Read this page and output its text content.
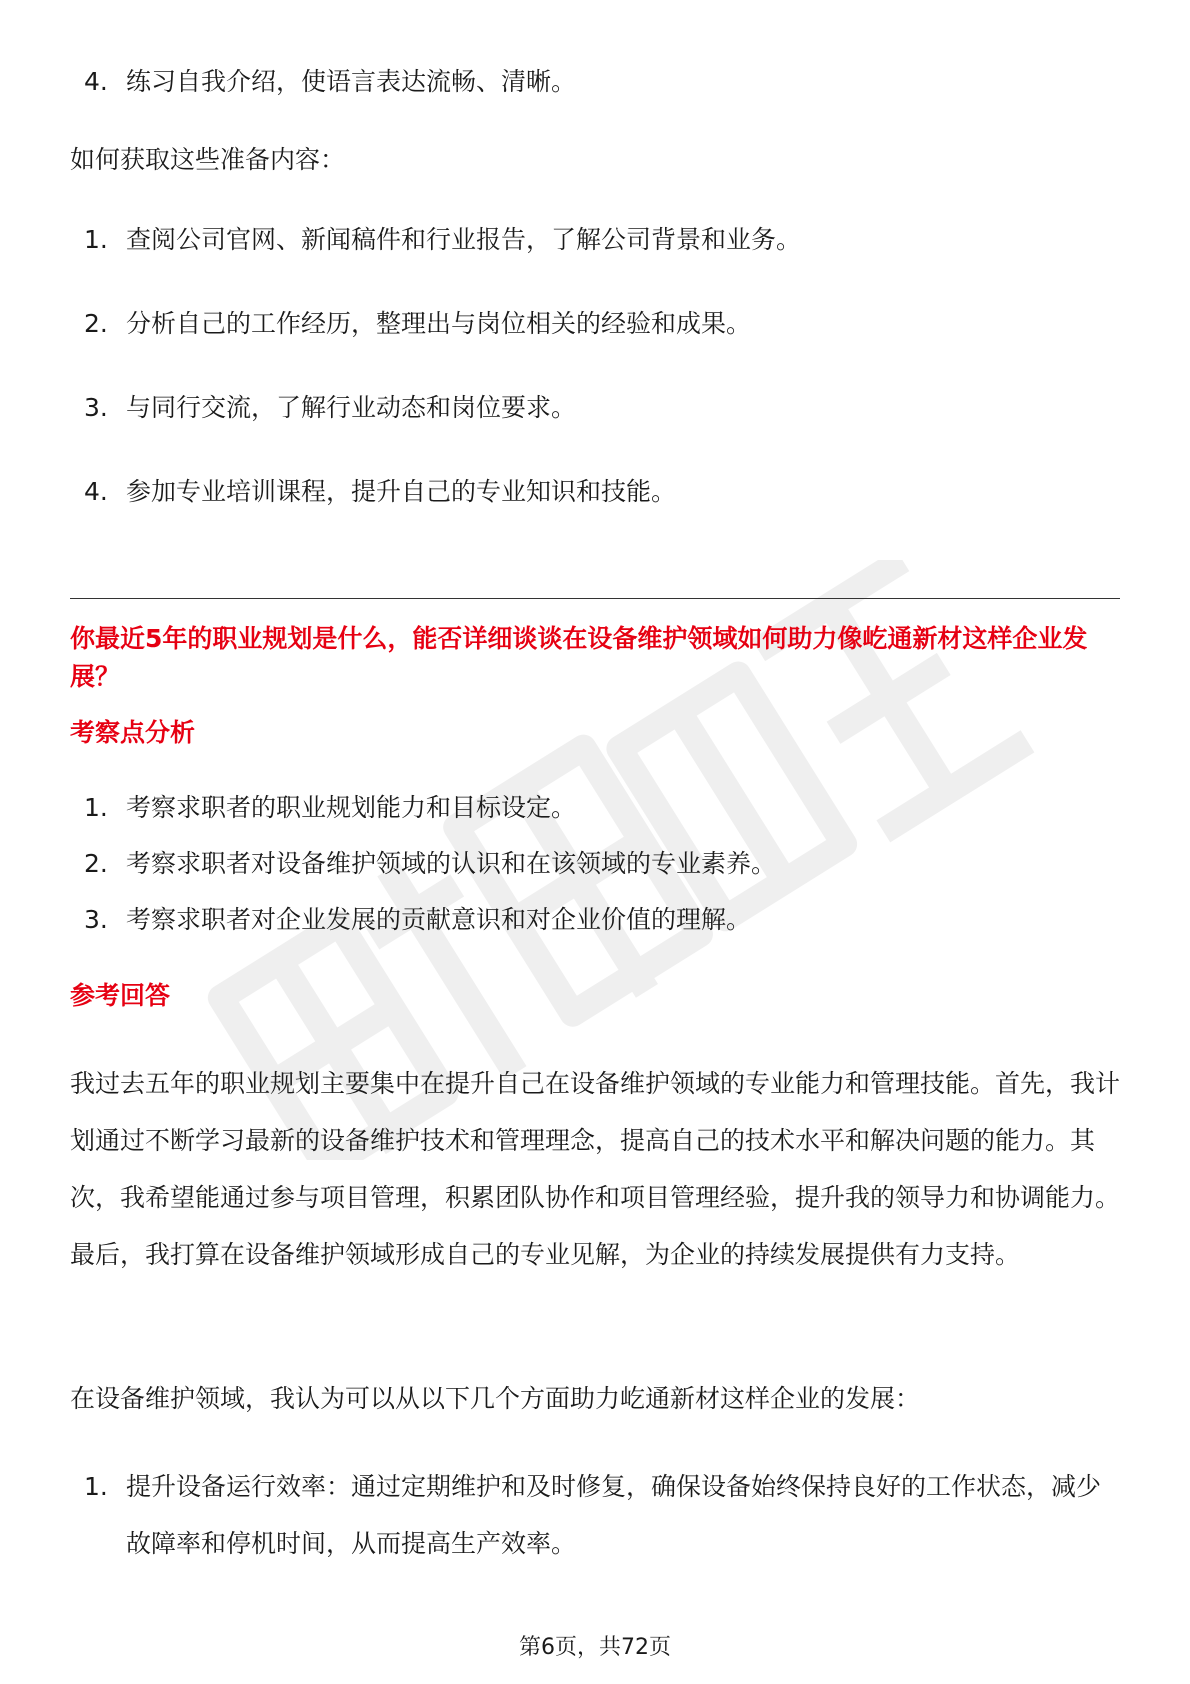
4. 练习自我介绍，使语言表达流畅、清晰。

如何获取这些准备内容：

1. 查阅公司官网、新闻稿件和行业报告，了解公司背景和业务。
2. 分析自己的工作经历，整理出与岗位相关的经验和成果。
3. 与同行交流，了解行业动态和岗位要求。
4. 参加专业培训课程，提升自己的专业知识和技能。

你最近5年的职业规划是什么，能否详细谈谈在设备维护领域如何助力像屹通新材这样企业发展？

考察点分析

1. 考察求职者的职业规划能力和目标设定。
2. 考察求职者对设备维护领域的认识和在该领域的专业素养。
3. 考察求职者对企业发展的贡献意识和对企业价值的理解。

参考回答

我过去五年的职业规划主要集中在提升自己在设备维护领域的专业能力和管理技能。首先，我计划通过不断学习最新的设备维护技术和管理理念，提高自己的技术水平和解决问题的能力。其次，我希望能通过参与项目管理，积累团队协作和项目管理经验，提升我的领导力和协调能力。最后，我打算在设备维护领域形成自己的专业见解，为企业的持续发展提供有力支持。

在设备维护领域，我认为可以从以下几个方面助力屹通新材这样企业的发展：

1. 提升设备运行效率：通过定期维护和及时修复，确保设备始终保持良好的工作状态，减少故障率和停机时间，从而提高生产效率。
第6页，共72页
